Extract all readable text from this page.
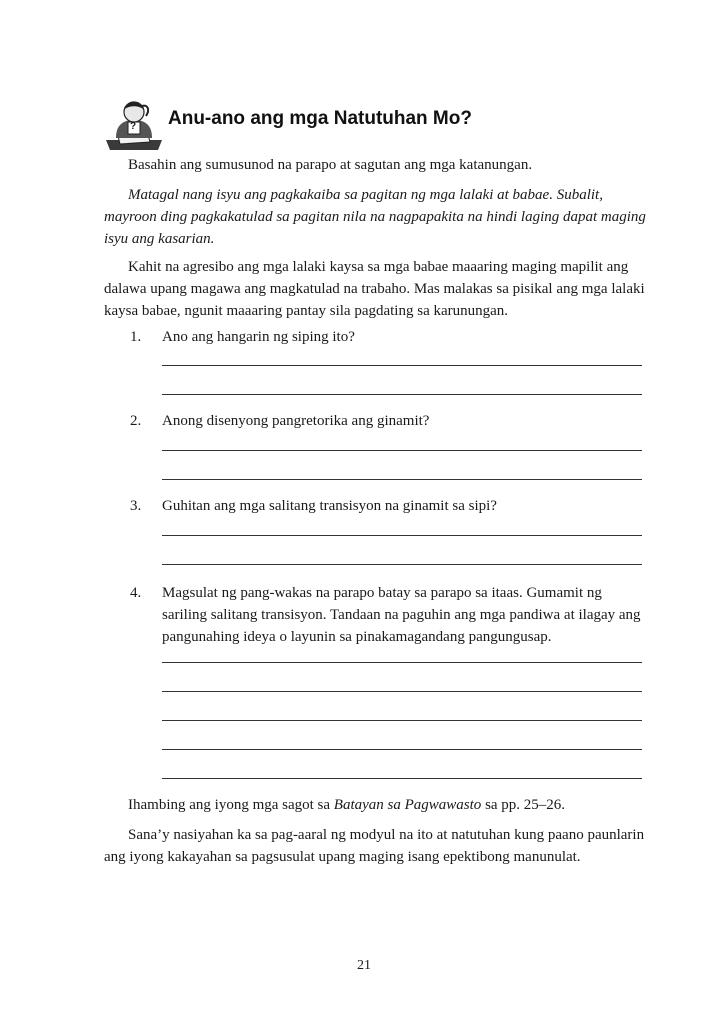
? Anu-ano ang mga Natutuhan Mo?
Basahin ang sumusunod na parapo at sagutan ang mga katanungan.
Matagal nang isyu ang pagkakaiba sa pagitan ng mga lalaki at babae. Subalit, mayroon ding pagkakatulad sa pagitan nila na nagpapakita na hindi laging dapat maging isyu ang kasarian.
Kahit na agresibo ang mga lalaki kaysa sa mga babae maaaring maging mapilit ang dalawa upang magawa ang magkatulad na trabaho. Mas malakas sa pisikal ang mga lalaki kaysa babae, ngunit maaaring pantay sila pagdating sa karunungan.
1. Ano ang hangarin ng siping ito?
2. Anong disenyong pangretorika ang ginamit?
3. Guhitan ang mga salitang transisyon na ginamit sa sipi?
4. Magsulat ng pang-wakas na parapo batay sa parapo sa itaas. Gumamit ng sariling salitang transisyon. Tandaan na paguhin ang mga pandiwa at ilagay ang pangunahing ideya o layunin sa pinakamagandang pangungusap.
Ihambing ang iyong mga sagot sa Batayan sa Pagwawasto sa pp. 25–26.
Sana’y nasiyahan ka sa pag-aaral ng modyul na ito at natutuhan kung paano paunlarin ang iyong kakayahan sa pagsusulat upang maging isang epektibong manunulat.
21
